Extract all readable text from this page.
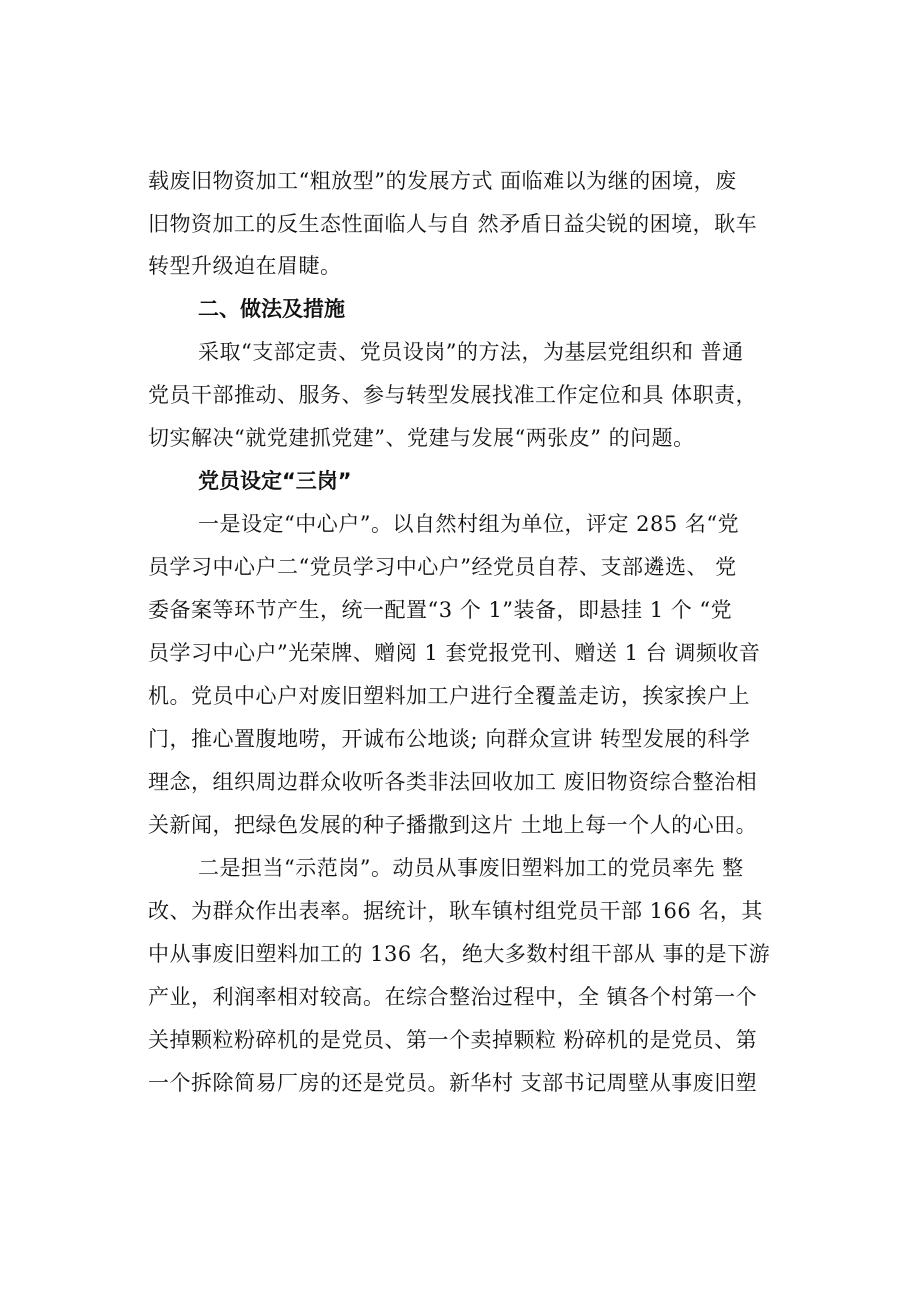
载废旧物资加工“粗放型”的发展方式 面临难以为继的困境，废
旧物资加工的反生态性面临人与自 然矛盾日益尖锐的困境，耿车
转型升级迫在眉睫。
二、做法及措施
采取“支部定责、党员设岗”的方法，为基层党组织和 普通
党员干部推动、服务、参与转型发展找准工作定位和具 体职责，
切实解决“就党建抓党建”、党建与发展“两张皮” 的问题。
党员设定“三岗”
一是设定“中心户”。以自然村组为单位，评定 285 名“党
员学习中心户二“党员学习中心户”经党员自荐、支部遴选、 党
委备案等环节产生，统一配置“3 个 1”装备，即悬挂 1 个 “党
员学习中心户”光荣牌、赠阅 1 套党报党刊、赠送 1 台 调频收音
机。党员中心户对废旧塑料加工户进行全覆盖走访，挨家挨户上
门，推心置腹地唠，开诚布公地谈; 向群众宣讲 转型发展的科学
理念，组织周边群众收听各类非法回收加工 废旧物资综合整治相
关新闻，把绿色发展的种子播撒到这片 土地上每一个人的心田。
二是担当“示范岗”。动员从事废旧塑料加工的党员率先 整
改、为群众作出表率。据统计，耿车镇村组党员干部 166 名，其
中从事废旧塑料加工的 136 名，绝大多数村组干部从 事的是下游
产业，利润率相对较高。在综合整治过程中，全 镇各个村第一个
关掉颗粒粉碎机的是党员、第一个卖掉颗粒 粉碎机的是党员、第
一个拆除简易厂房的还是党员。新华村 支部书记周壁从事废旧塑
